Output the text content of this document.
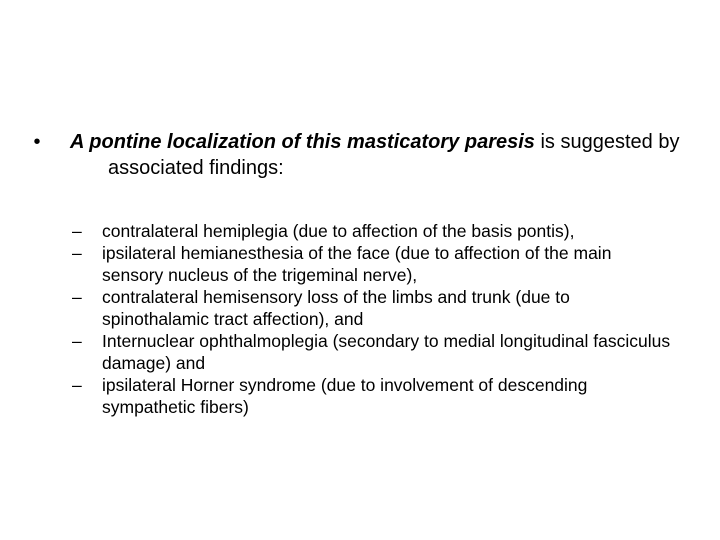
• A pontine localization of this masticatory paresis is suggested by associated findings:
–	contralateral hemiplegia (due to affection of the basis pontis),
–	ipsilateral hemianesthesia of the face (due to affection of the main sensory nucleus of the trigeminal nerve),
–	contralateral hemisensory loss of the limbs and trunk (due to spinothalamic tract affection), and
–	Internuclear ophthalmoplegia (secondary to medial longitudinal fasciculus damage) and
–	ipsilateral Horner syndrome (due to involvement of descending sympathetic fibers)
